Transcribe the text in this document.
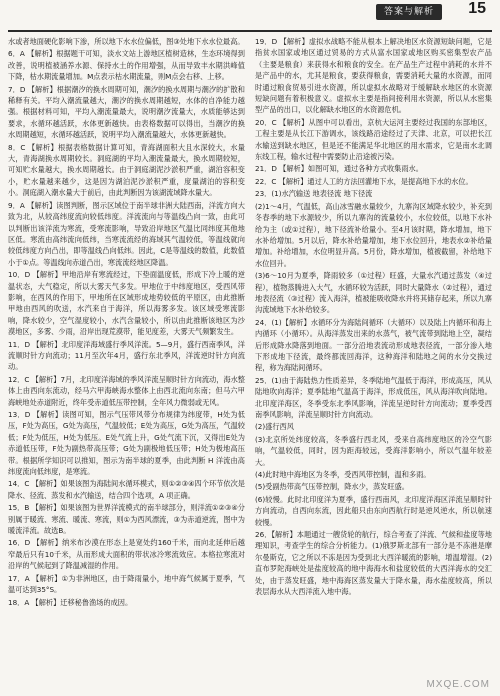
答案与解析	15

水或者地面硬化影响下渗，所以地下水水位偏低，图③处地下水水位最高。

6．A 【解析】根据题干可知，淡水文站上游地区植树造林，生态环境得到改善，说明植被涵养水源、保持水土的作用增强，从而导致丰水期洪峰值下降，枯水期流量增加。M点表示枯水期流量，则M点会右移、上移。

7．D 【解析】根据潮汐的换水周期可知，潮汐的换水周期与潮汐的扩散和稀释有关。平均入潮流量越大，潮汐的换水周期越短，水体的自净能力越强。根据材料可知，平均入潮流量最大，说明潮汐流量大，水质能够达到要求，水循环越活跃，水体更新越快。由表格数据可以得出，当潮汐的换水周期越短，水循环越活跃，说明平均入潮流量越大，水体更新越快。

8．C 【解析】根据表格数据计算可知，青海湖面积大且水深较大，水量大，青海湖换水周期较长。洞庭湖的平均入潮流量最大，换水周期较短，可知贮水量越大，换水周期越长。由于洞庭湖泥沙淤积严重，湖泊容积变小，贮水量越来越少，这是因为湖泊泥沙淤积严重，度量湖泊的容积变小。洞庭湖入潮水量大于前后，由此判断因为该湖流域降水量大。

9．A 【解析】读图判断，图示区域位于南半球非洲大陆西南，洋流方向大致为北，从较高纬度流向较低纬度。洋流流向与等温线凸向一致，由此可以判断出该洋流为寒流，受寒流影响，导致沿岸地区气温比同纬度其他地区低。寒流由高纬流向低纬，当寒流流经的海域其气温较低，等温线就向较低纬度方向凸出，即等温线凸向低纬。因此，C是等温线的数值，此数值小于①点。等温线向赤道凸出，寒流流经地区降温。

10．D 【解析】甲地沿岸有寒流经过，下垫面温度低，形成下冷上暖的逆温状态，大气稳定，所以大雾天气多发。甲地位于中纬度地区，受西风带影响，在西风的作用下，甲地所在区域形成地势较低的平原区，由此推断甲地由西风的吹送，水汽来自于海洋，所以海雾多发。该区域受寒流影响，降水较少，空气湿度较小，水汽含量较小，所以由此推断该地区为沙漠地区，多雾、少雨，沿岸出现荒漠带，能见度差，大雾天气频繁发生。

11．D 【解析】北印度洋海域盛行季风洋流。5—9月，盛行西南季风，洋流顺时针方向流动；11月至次年4月，盛行东北季风，洋流逆时针方向流动。

12．C 【解析】7月，北印度洋海域的季风洋流呈顺时针方向流动，海水整体上由西向东流动，经马六甲海峡海水整体上由西北流向东南；但马六甲海峡地处赤道附近，终年受赤道低压带控制，全年风力微弱或无风。

13．D 【解析】读图可知，图示气压带风带分布规律为纬度带，H处为低压，F处为高压，G处为高压，气温较低；E处为高压，G处为高压，气温较低；F处为低压，H处为低压。E处气流上升，G处气流下沉，又得出E处为赤道低压带，F处为副热带高压带；G处为副极地低压带；H处为极地高压带。根据所学知识可以推知，图示为南半球的夏季，由此判断 H 洋流由高纬度流向低纬度，是寒流。

14．C 【解析】如果该图为海陆间水循环模式，则①②③④四个环节依次是降水、径流、蒸发和水汽输送，结合四个选项，A 项正确。

15．B 【解析】如果该图为世界洋流模式的南半球部分，则洋流①②③④分别属于暖流、寒流、暖流、寒流，则①为西风漂流，③为赤道逆流，图中为暖流洋流。故选B。

16．D 【解析】纳米布沙漠在形态上是宽处约160千米，而向北延伸后越窄最后只有10千米，从而形成大面积的带状冰冷寒流效应。本格拉寒流对沿岸的气候起到了降温减湿的作用。

17．A 【解析】①为非洲地区，由于降雨量小，地中海气候属于夏季，气温可达到35°S。

18．A 【解析】迁移秘鲁渔场的成因。

19．D 【解析】虚拟水战略不能从根本上解决地区水资源短缺问题，它是指贫水国家或地区通过贸易的方式从富水国家或地区购买密集型农产品（主要是粮食）来获得水和粮食的安全。在产品生产过程中消耗的水并不是产品中的水，尤其是粮食，要获得粮食，需要消耗大量的水资源，而同时通过粮食贸易引进水资源，所以虚拟水战略对于缓解缺水地区的水资源短缺问题有着积极意义。虚拟水主要是指间接利用水资源，所以从水密集型产品的出口，以化解缺水地区的水资源危机。

20．C 【解析】从图中可以看出，京杭大运河主要经过我国的东部地区，工程主要是从长江下游调水，该线路沿途经过了天津、北京，可以把长江水输送到缺水地区，但是还不能满足华北地区的用水需求，它是南水北调东线工程，输水过程中需要防止沿途被污染。

21．D 【解析】如图可知，通过各种方式收集雨水。

22．C 【解析】通过人工的方法回灌地下水，是提高地下水的水位。

23．(1)水汽输送 地表径流 地下径流

(2)1～4月，气温低，高山冰雪融水量较少，九寨沟区域降水较少，补充到冬春季的地下水源较少，所以九寨沟的流量较小，水位较低，以地下水补给为主（或①过程），地下径流补给量小。至4月该时期，降水增加，地下水补给增加。5月以后，降水补给量增加，地下水位回升，地表水②补给量增加。补给增加，水位明显升高。5月份，降水增加，植被截留，补给地下水位回升。

(3)6～10月为夏季，降雨较多（①过程）旺盛，大量水汽通过蒸发（④过程），植物蒸腾进入大气，水循环较为活跃，同时大量降水（②过程），通过地表径流（③过程）流入海洋，植被能吸收降水并将其储存起来，所以九寨沟流域地下水补给较多。

24．(1)【解析】水循环分为海陆间循环（大循环）以及陆上内循环和海上内循环（小循环）。从海洋蒸发出来的水蒸气，被气流带到陆地上空，凝结后形成降水降落到地面。一部分沿地表流动形成地表径流，一部分渗入地下形成地下径流，最终都流回海洋，这种海洋和陆地之间的水分交换过程，称为海陆间循环。

25．(1)由于海陆热力性质差异，冬季陆地气温低于海洋，形成高压，风从陆地吹向海洋；夏季陆地气温高于海洋，形成低压，风从海洋吹向陆地。北印度洋海区，冬季受东北季风影响，洋流呈逆时针方向流动；夏季受西南季风影响，洋流呈顺时针方向流动。

(2)盛行西风

(3)北京所处纬度较高，冬季盛行西北风，受来自高纬度地区的冷空气影响，气温较低，同时，因为距海较远，受海洋影响小，所以气温年较差大。

(4)此时地中海地区为冬季，受西风带控制，温和多雨。

(5)受副热带高气压带控制，降水少，蒸发旺盛。

(6)较慢。此时北印度洋为夏季，盛行西南风，北印度洋海区洋流呈顺时针方向流动，自西向东流，因此船只由东向西航行时是逆风逆水，所以航速较慢。

26．【解析】本题通过一艘货轮的航行，综合考查了洋流、气候和盐度等地理知识，考查学生的综合分析能力。(1)俄罗斯北部有一部分是不冻港是摩尔曼斯克，它之所以不冻是因为受到北大西洋暖流的影响，增温增湿。(2)直布罗陀海峡处是盐度较高的地中海海水和盐度较低的大西洋海水的交汇处，由于蒸发旺盛，地中海海区蒸发量大于降水量，海水盐度较高，所以表层海水从大西洋流入地中海。

MXQE.COM
